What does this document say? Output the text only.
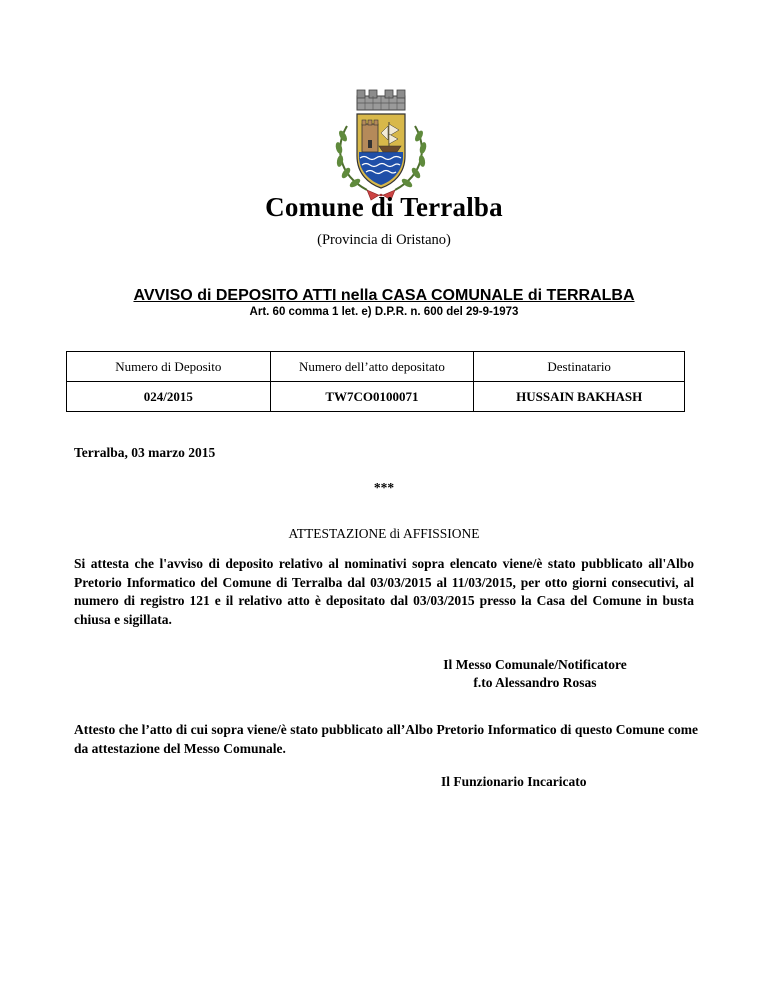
Comune di Terralba
(Provincia di Oristano)
AVVISO di DEPOSITO ATTI nella CASA COMUNALE di TERRALBA
Art. 60 comma 1 let. e) D.P.R. n. 600 del 29-9-1973
Numero di Deposito	Numero dell’atto depositato	Destinatario
024/2015	TW7CO0100071	HUSSAIN BAKHASH
Terralba, 03 marzo 2015
***
ATTESTAZIONE di AFFISSIONE
Si attesta che l'avviso di deposito relativo al nominativi sopra elencato viene/è stato pubblicato all'Albo Pretorio Informatico del Comune di Terralba dal 03/03/2015 al 11/03/2015, per otto giorni consecutivi, al numero di registro 121 e il relativo atto è depositato dal 03/03/2015 presso la Casa del Comune in busta chiusa e sigillata.
Il Messo Comunale/Notificatore
f.to Alessandro Rosas
Attesto che l’atto di cui sopra viene/è stato pubblicato all’Albo Pretorio Informatico di questo Comune come da attestazione del Messo Comunale.
Il Funzionario Incaricato
